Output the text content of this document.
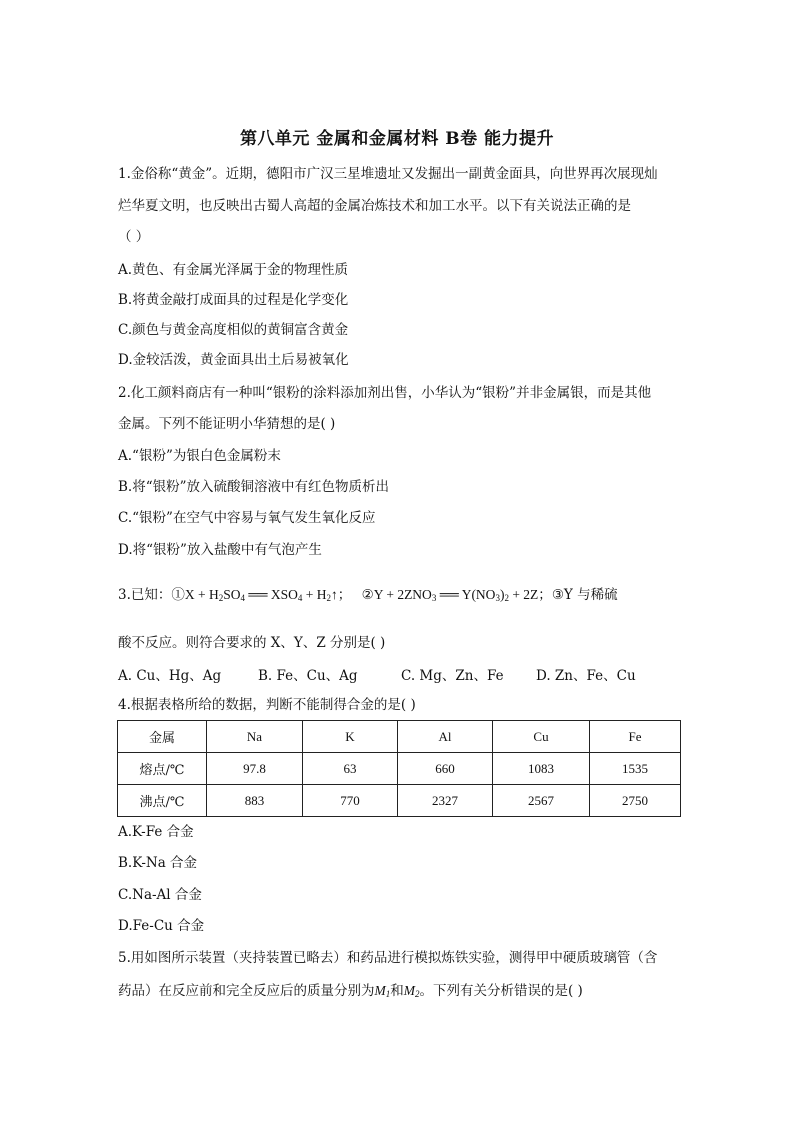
第八单元 金属和金属材料 B卷 能力提升
1.金俗称“黄金”。近期，德阳市广汉三星堆遗址又发掘出一副黄金面具，向世界再次展现灿
烂华夏文明，也反映出古蜀人高超的金属冶炼技术和加工水平。以下有关说法正确的是
（ ）
A.黄色、有金属光泽属于金的物理性质
B.将黄金敲打成面具的过程是化学变化
C.颜色与黄金高度相似的黄铜富含黄金
D.金较活泼，黄金面具出土后易被氧化
2.化工颜料商店有一种叫“银粉的涂料添加剂出售，小华认为“银粉”并非金属银，而是其他
金属。下列不能证明小华猜想的是( )
A.“银粉”为银白色金属粉末
B.将“银粉”放入硫酸铜溶液中有红色物质析出
C.“银粉”在空气中容易与氧气发生氧化反应
D.将“银粉”放入盐酸中有气泡产生
3.已知：①X + $H_2SO_4$ ══ $XSO_4$ + $H_2↑$； ②Y + $2ZNO_3$ ══ $Y(NO_3)_2 + 2Z$；③Y 与稀硫
酸不反应。则符合要求的 X、Y、Z 分别是( )
A. Cu、Hg、Ag	B. Fe、Cu、Ag	C. Mg、Zn、Fe D. Zn、Fe、Cu
4.根据表格所给的数据，判断不能制得合金的是( )
金属	Na	K	Al	Cu	Fe
熔点/℃	97.8	63	660	1083	1535
沸点/℃	883	770	2327	2567	2750
A.K-Fe 合金
B.K-Na 合金
C.Na-Al 合金
D.Fe-Cu 合金
5.用如图所示装置（夹持装置已略去）和药品进行模拟炼铁实验，测得甲中硬质玻璃管（含
药品）在反应前和完全反应后的质量分别为$M_1$和$M_2$。下列有关分析错误的是( )
